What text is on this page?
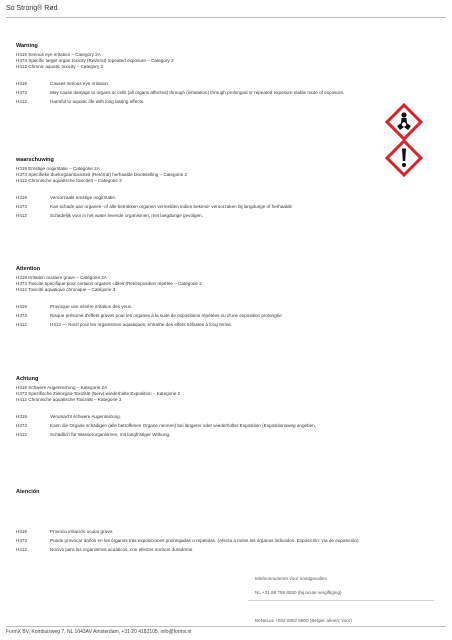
So Strong® Rød
Warning
H319 Serious eye irritation – Category 2A
H373 Specific target organ toxicity (Ret/irrat) repeated exposure – Category 2
H412 Chronic aquatic toxicity – Category 3
H319	Causes serious eye irritation.
H373	May cause damage to organs or cells (all organs affected) through (inhalation) through prolonged or repeated exposure stable route of exposure.
H412	Harmful to aquatic life with long lasting effects.
waarschuwing
H319 Ernstige oogirritatie – Categorie 2A
H373 Specifieke doelorgaantoxiciteit (Ret/irrat) herhaalde blootstelling – Categorie 2
H412 Chronische aquatische toxiciteit – Categorie 3
H319	Veroorzaakt ernstige oogirritatie.
H373	Kan schade aan organen -of alle betrokken organen vermelden indien bekend- veroorzaken bij langdurige of herhaalde
H412	Schadelijk voor in het water levende organismen, met langdurige gevolgen.
Attention
H319 Irritation oculaire grave – Catégorie 2A
H373 Toxicité spécifique pour certains organes cibles (Ret/exposition répétée – Catégorie 2
H412 Toxicité aquatique chronique – Catégorie 3
H319	Provoque une sévère irritation des yeux.
H373	Risque présumé d'effets graves pour les organes à la suite de expositions répétées ou d'une exposition prolongée
H412	H412 — Nocif pour les organismes aquatiques, entraîne des effets néfastes à long terme.
Achtung
H319 Schwere Augenreizung – Kategorie 2A
H373 Spezifische Zielorgan-Toxizität (Nerv) wiederholte Exposition – Kategorie 2
H412 Chronische aquatische Toxizität – Kategorie 3
H319	Verursacht schwere Augenreizung.
H373	Kann die Organe schädigen (alle betroffenen Organe nennen) bei längerer oder wiederholter Exposition (Expositionsweg angeben,
H412	Schädlich für Wasserorganismen, mit langfristiger Wirkung.
Atención
H319	Provoca irritación ocular grave.
H373	Puede provocar daños en los órganos tras exposiciones prolongadas o repetidas. (Afecta a todos los órganos indicados. Exposición: vía de exposición)
H412	Nocivo para los organismos acuáticos, con efectos nocivos duraderos.
telefoonnummer voor noodgevallen
NL +31 88 755 8000 (bij acute vergiftiging)
BeNeLux +032 0802 5800 (België, alleen: voor)
FormX BV, Kombuisweg 7, NL 1043AV Amsterdam, +31 20 4182105, info@formx.nl
